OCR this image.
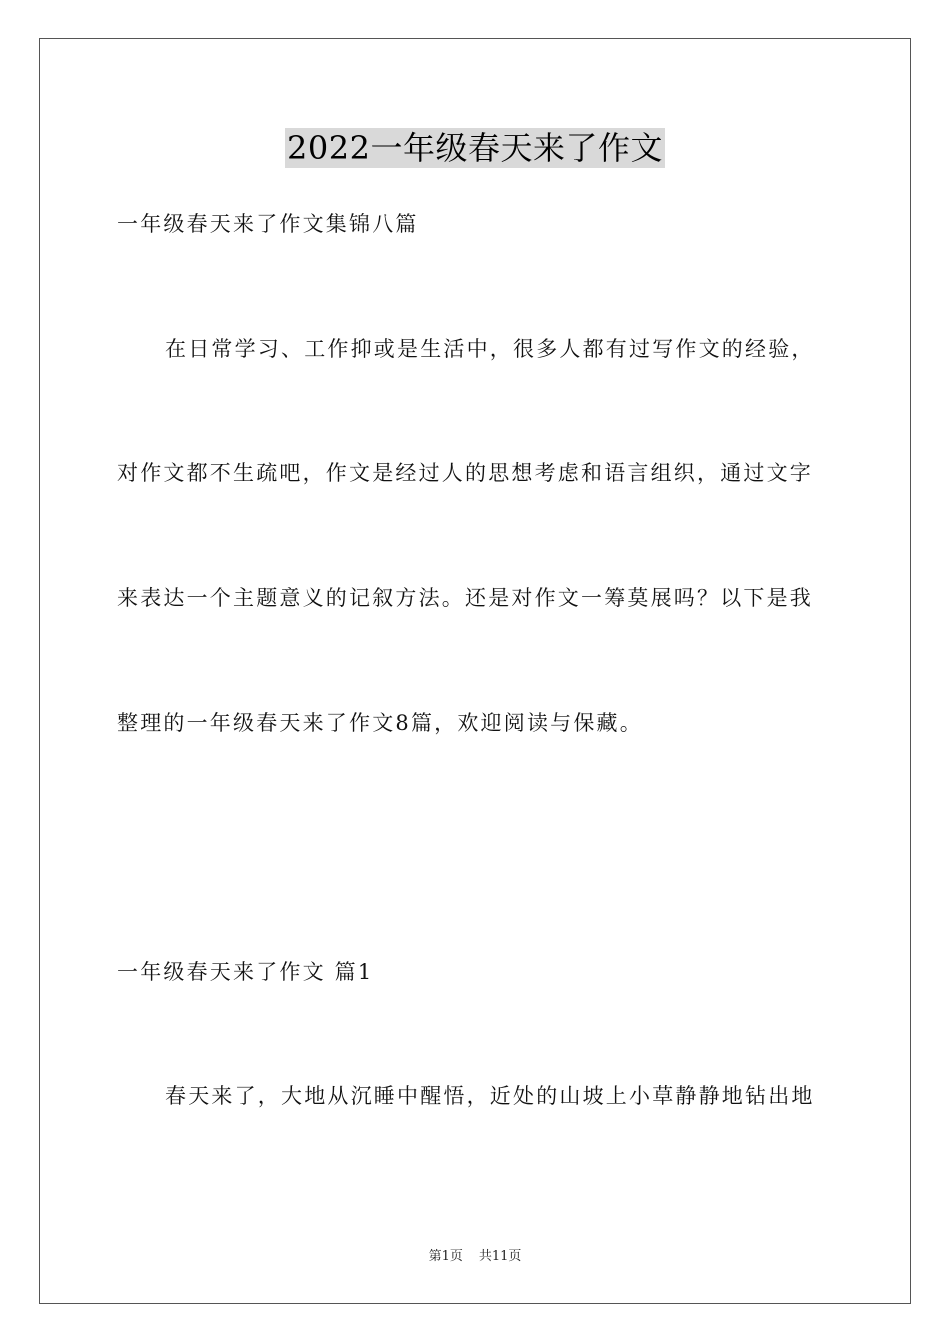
2022一年级春天来了作文
一年级春天来了作文集锦八篇
在日常学习、工作抑或是生活中，很多人都有过写作文的经验，
对作文都不生疏吧，作文是经过人的思想考虑和语言组织，通过文字
来表达一个主题意义的记叙方法。还是对作文一筹莫展吗？以下是我
整理的一年级春天来了作文8篇，欢迎阅读与保藏。
一年级春天来了作文 篇1
春天来了，大地从沉睡中醒悟，近处的山坡上小草静静地钻出地
第1页 共11页
